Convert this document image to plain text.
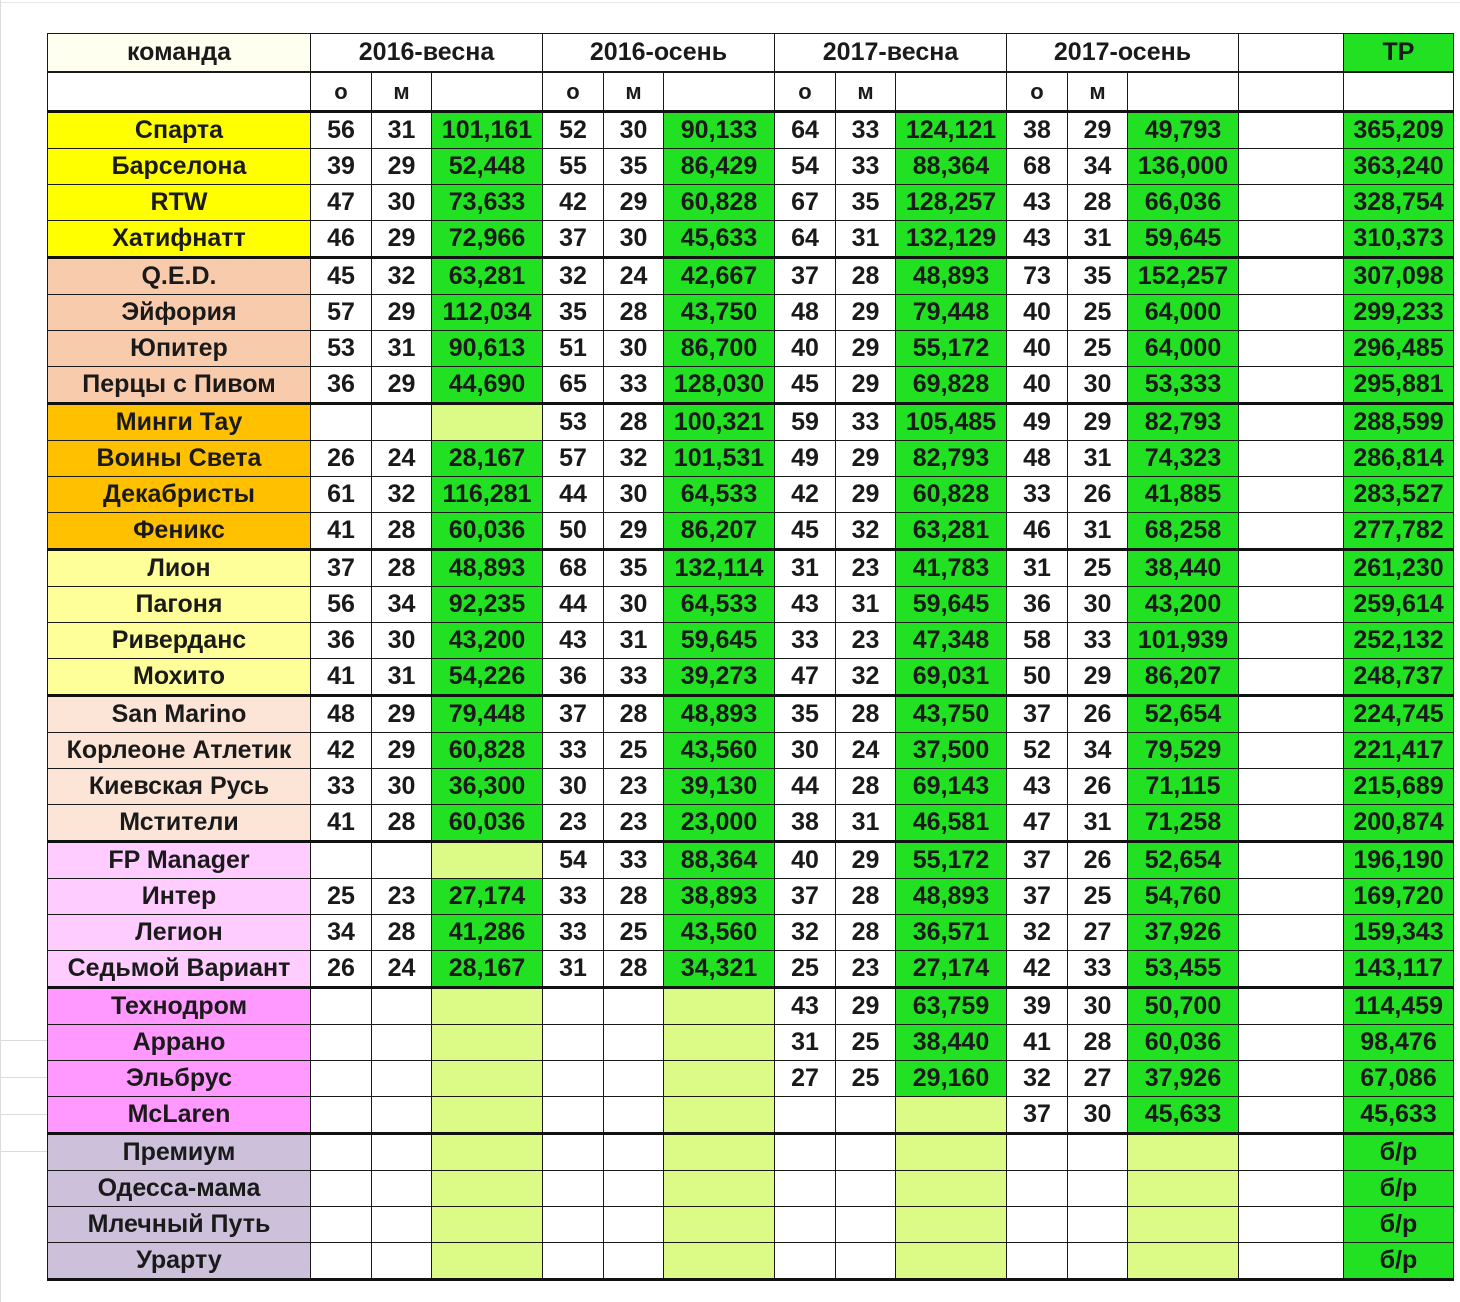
команда	2016-весна			2016-осень			2017-весна			2017-осень				ТР
	о	м		о	м		о	м		о	м			
Спарта	56	31	101,161	52	30	90,133	64	33	124,121	38	29	49,793		365,209
Барселона	39	29	52,448	55	35	86,429	54	33	88,364	68	34	136,000		363,240
RTW	47	30	73,633	42	29	60,828	67	35	128,257	43	28	66,036		328,754
Хатифнатт	46	29	72,966	37	30	45,633	64	31	132,129	43	31	59,645		310,373
Q.E.D.	45	32	63,281	32	24	42,667	37	28	48,893	73	35	152,257		307,098
Эйфория	57	29	112,034	35	28	43,750	48	29	79,448	40	25	64,000		299,233
Юпитер	53	31	90,613	51	30	86,700	40	29	55,172	40	25	64,000		296,485
Перцы с Пивом	36	29	44,690	65	33	128,030	45	29	69,828	40	30	53,333		295,881
Минги Тау				53	28	100,321	59	33	105,485	49	29	82,793		288,599
Воины Света	26	24	28,167	57	32	101,531	49	29	82,793	48	31	74,323		286,814
Декабристы	61	32	116,281	44	30	64,533	42	29	60,828	33	26	41,885		283,527
Феникс	41	28	60,036	50	29	86,207	45	32	63,281	46	31	68,258		277,782
Лион	37	28	48,893	68	35	132,114	31	23	41,783	31	25	38,440		261,230
Пагоня	56	34	92,235	44	30	64,533	43	31	59,645	36	30	43,200		259,614
Риверданс	36	30	43,200	43	31	59,645	33	23	47,348	58	33	101,939		252,132
Мохито	41	31	54,226	36	33	39,273	47	32	69,031	50	29	86,207		248,737
San Marino	48	29	79,448	37	28	48,893	35	28	43,750	37	26	52,654		224,745
Корлеоне Атлетик	42	29	60,828	33	25	43,560	30	24	37,500	52	34	79,529		221,417
Киевская Русь	33	30	36,300	30	23	39,130	44	28	69,143	43	26	71,115		215,689
Мстители	41	28	60,036	23	23	23,000	38	31	46,581	47	31	71,258		200,874
FP Manager				54	33	88,364	40	29	55,172	37	26	52,654		196,190
Интер	25	23	27,174	33	28	38,893	37	28	48,893	37	25	54,760		169,720
Легион	34	28	41,286	33	25	43,560	32	28	36,571	32	27	37,926		159,343
Седьмой Вариант	26	24	28,167	31	28	34,321	25	23	27,174	42	33	53,455		143,117
Технодром							43	29	63,759	39	30	50,700		114,459
Аррано							31	25	38,440	41	28	60,036		98,476
Эльбрус							27	25	29,160	32	27	37,926		67,086
McLaren										37	30	45,633		45,633
Премиум														б/р
Одесса-мама														б/р
Млечный Путь														б/р
Урарту														б/р
